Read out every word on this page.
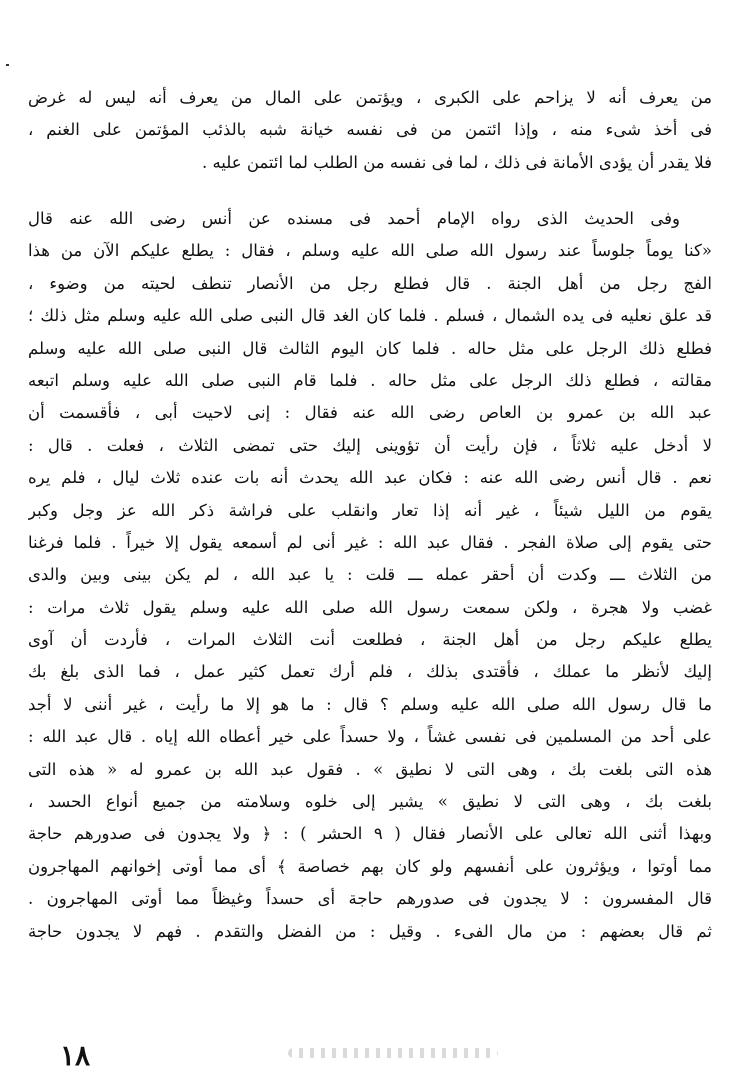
من يعرف أنه لا يزاحم على الكبرى ، ويؤتمن على المال من يعرف أنه ليس له غرض
فى أخذ شىء منه ، وإذا ائتمن من فى نفسه خيانة شبه بالذئب المؤتمن على الغنم ،
فلا يقدر أن يؤدى الأمانة فى ذلك ، لما فى نفسه من الطلب لما ائتمن عليه .
وفى الحديث الذى رواه الإمام أحمد فى مسنده عن أنس رضى الله عنه قال
«كنا يوماً جلوساً عند رسول الله صلى الله عليه وسلم ، فقال : يطلع عليكم الآن من هذا
الفج رجل من أهل الجنة . قال فطلع رجل من الأنصار تنطف لحيته من وضوء ،
قد علق نعليه فى يده الشمال ، فسلم . فلما كان الغد قال النبى صلى الله عليه وسلم مثل ذلك ؛
فطلع ذلك الرجل على مثل حاله . فلما كان اليوم الثالث قال النبى صلى الله عليه وسلم
مقالته ، فطلع ذلك الرجل على مثل حاله . فلما قام النبى صلى الله عليه وسلم اتبعه
عبد الله بن عمرو بن العاص رضى الله عنه فقال : إنى لاحيت أبى ، فأقسمت أن
لا أدخل عليه ثلاثاً ، فإن رأيت أن تؤوينى إليك حتى تمضى الثلاث ، فعلت . قال :
نعم . قال أنس رضى الله عنه : فكان عبد الله يحدث أنه بات عنده ثلاث ليال ، فلم يره
يقوم من الليل شيئاً ، غير أنه إذا تعار وانقلب على فراشة ذكر الله عز وجل وكبر
حتى يقوم إلى صلاة الفجر . فقال عبد الله : غير أنى لم أسمعه يقول إلا خيراً . فلما فرغنا
من الثلاث ـــ وكدت أن أحقر عمله ـــ قلت : يا عبد الله ، لم يكن بينى وبين والدى
غضب ولا هجرة ، ولكن سمعت رسول الله صلى الله عليه وسلم يقول ثلاث مرات :
يطلع عليكم رجل من أهل الجنة ، فطلعت أنت الثلاث المرات ، فأردت أن آوى
إليك لأنظر ما عملك ، فأقتدى بذلك ، فلم أرك تعمل كثير عمل ، فما الذى بلغ بك
ما قال رسول الله صلى الله عليه وسلم ؟ قال : ما هو إلا ما رأيت ، غير أننى لا أجد
على أحد من المسلمين فى نفسى غشاً ، ولا حسداً على خير أعطاه الله إياه . قال عبد الله :
هذه التى بلغت بك ، وهى التى لا نطيق » . فقول عبد الله بن عمرو له « هذه التى
بلغت بك ، وهى التى لا نطيق » يشير إلى خلوه وسلامته من جميع أنواع الحسد ،
وبهذا أثنى الله تعالى على الأنصار فقال ( ٩ الحشر ) : ﴿ ولا يجدون فى صدورهم حاجة
مما أوتوا ، ويؤثرون على أنفسهم ولو كان بهم خصاصة ﴾ أى مما أوتى إخوانهم المهاجرون
قال المفسرون : لا يجدون فى صدورهم حاجة أى حسداً وغيظاً مما أوتى المهاجرون .
ثم قال بعضهم : من مال الفىء . وقيل : من الفضل والتقدم . فهم لا يجدون حاجة
١٨
